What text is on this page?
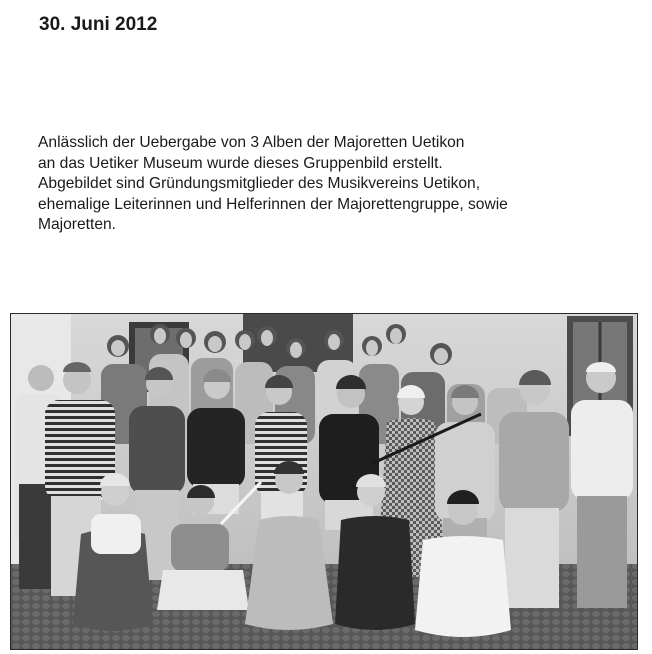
30. Juni 2012

Anlässlich der Uebergabe von 3 Alben der Majoretten Uetikon
an das Uetiker Museum wurde dieses Gruppenbild erstellt.
Abgebildet sind Gründungsmitglieder des Musikvereins Uetikon,
ehemalige Leiterinnen und Helferinnen der Majorettengruppe, sowie
Majoretten.
